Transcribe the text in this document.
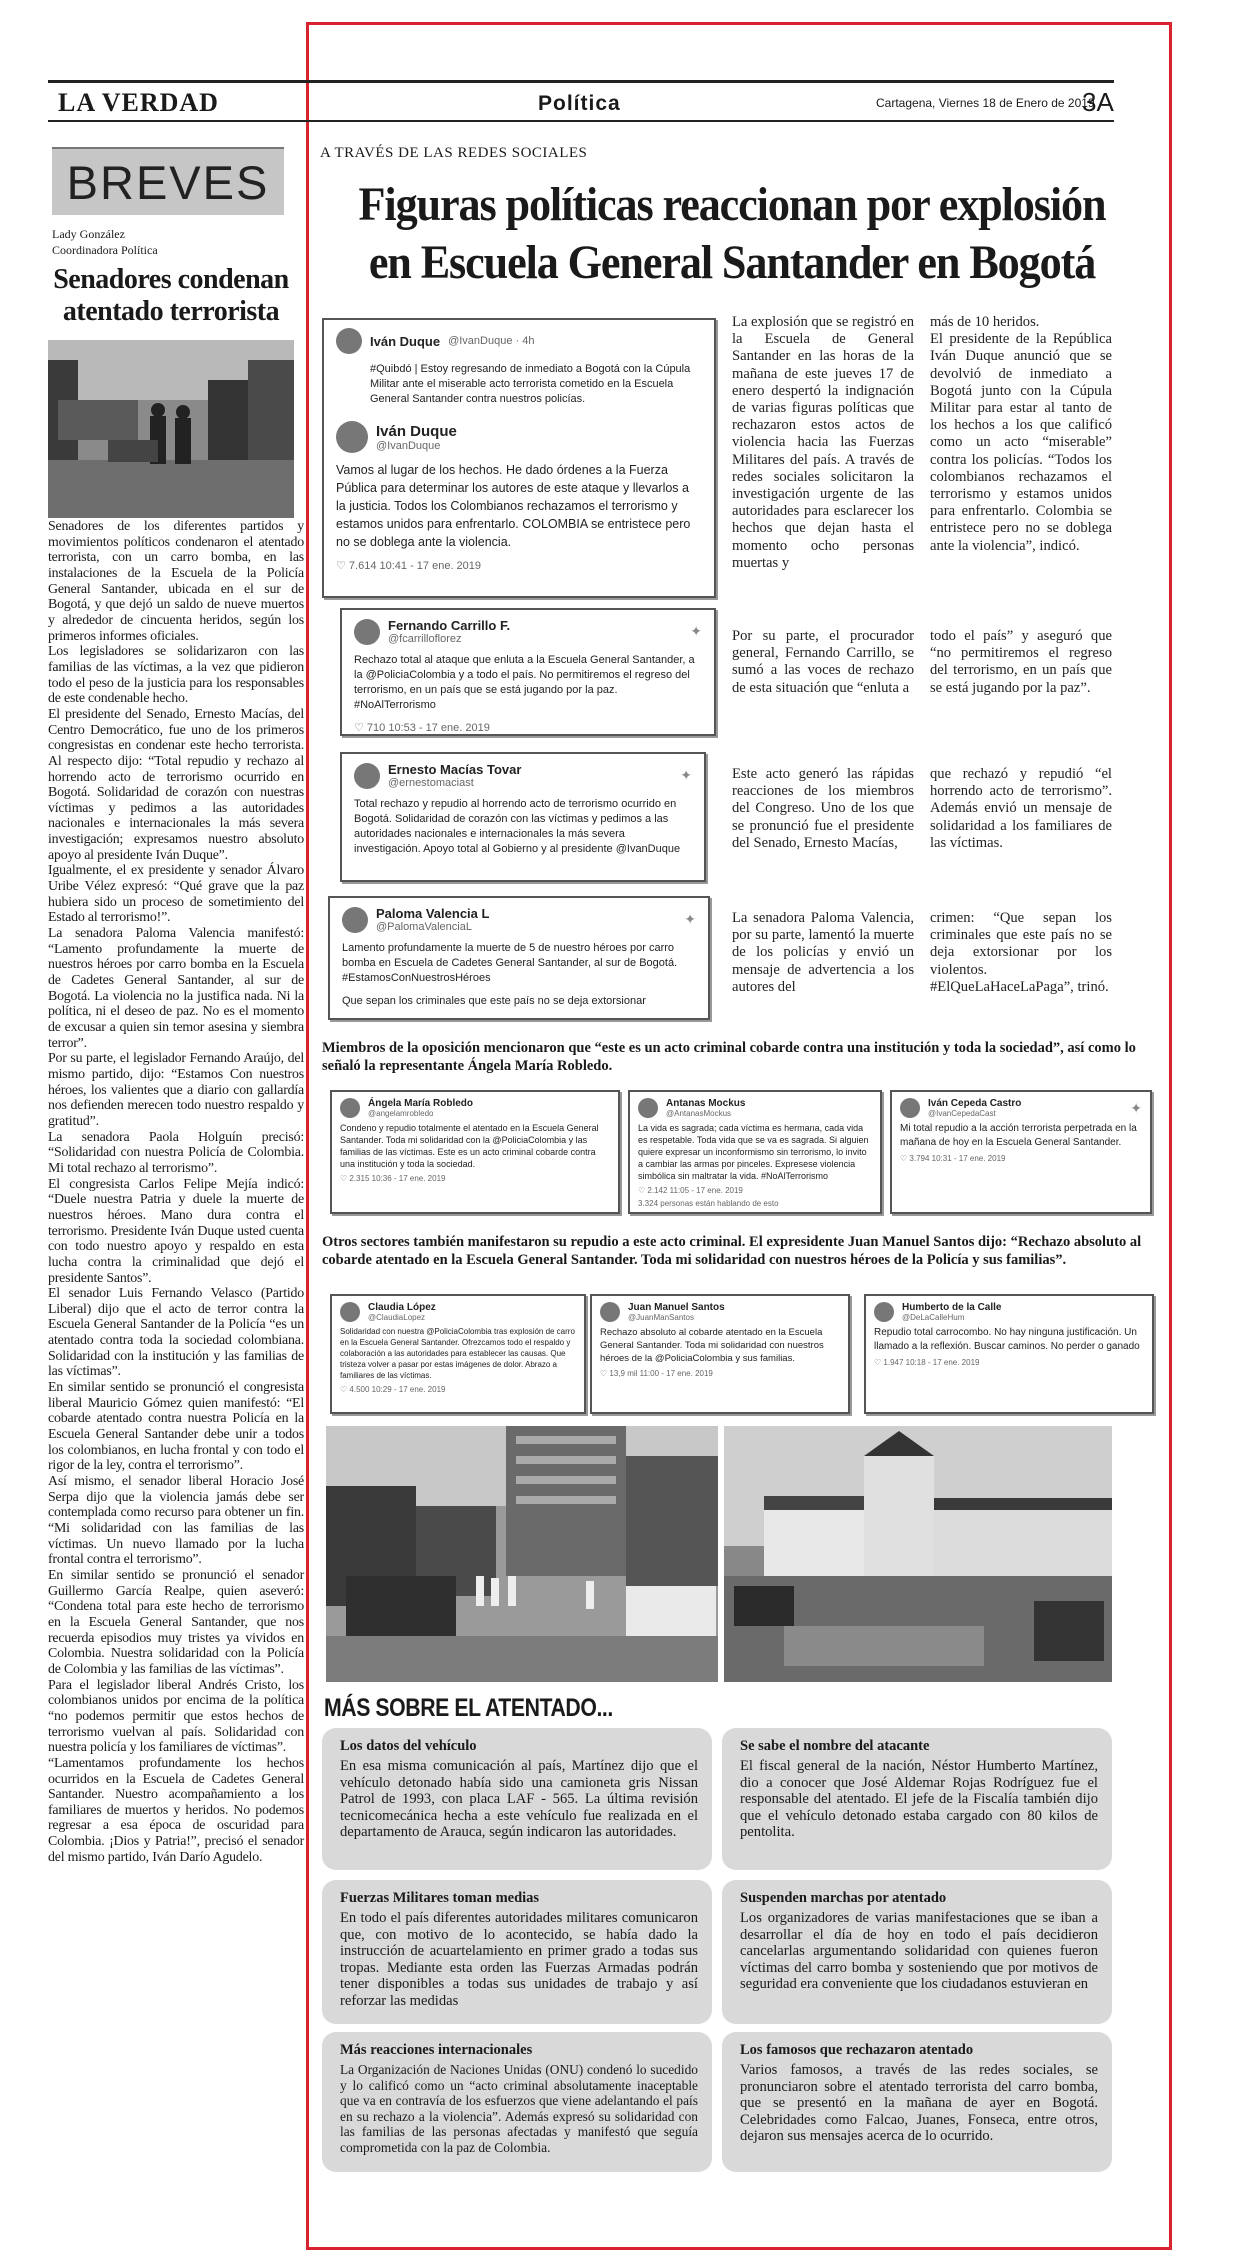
LA VERDAD	Política	Cartagena, Viernes 18 de Enero de 2019
3A
BREVES
Lady González
Coordinadora Política
Senadores condenan atentado terrorista
Senadores de los diferentes partidos y movimientos políticos condenaron el atentado terrorista, con un carro bomba, en las instalaciones de la Escuela de la Policía General Santander, ubicada en el sur de Bogotá, y que dejó un saldo de nueve muertos y alrededor de cincuenta heridos, según los primeros informes oficiales.
Los legisladores se solidarizaron con las familias de las víctimas, a la vez que pidieron todo el peso de la justicia para los responsables de este condenable hecho.
El presidente del Senado, Ernesto Macías, del Centro Democrático, fue uno de los primeros congresistas en condenar este hecho terrorista. Al respecto dijo: “Total repudio y rechazo al horrendo acto de terrorismo ocurrido en Bogotá. Solidaridad de corazón con nuestras víctimas y pedimos a las autoridades nacionales e internacionales la más severa investigación; expresamos nuestro absoluto apoyo al presidente Iván Duque”.
Igualmente, el ex presidente y senador Álvaro Uribe Vélez expresó: “Qué grave que la paz hubiera sido un proceso de sometimiento del Estado al terrorismo!”.
La senadora Paloma Valencia manifestó: “Lamento profundamente la muerte de nuestros héroes por carro bomba en la Escuela de Cadetes General Santander, al sur de Bogotá. La violencia no la justifica nada. Ni la política, ni el deseo de paz. No es el momento de excusar a quien sin temor asesina y siembra terror”.
Por su parte, el legislador Fernando Araújo, del mismo partido, dijo: “Estamos Con nuestros héroes, los valientes que a diario con gallardía nos defienden merecen todo nuestro respaldo y gratitud”.
La senadora Paola Holguín precisó: “Solidaridad con nuestra Policía de Colombia. Mi total rechazo al terrorismo”.
El congresista Carlos Felipe Mejía indicó: “Duele nuestra Patria y duele la muerte de nuestros héroes. Mano dura contra el terrorismo. Presidente Iván Duque usted cuenta con todo nuestro apoyo y respaldo en esta lucha contra la criminalidad que dejó el presidente Santos”.
El senador Luis Fernando Velasco (Partido Liberal) dijo que el acto de terror contra la Escuela General Santander de la Policía “es un atentado contra toda la sociedad colombiana. Solidaridad con la institución y las familias de las víctimas”.
En similar sentido se pronunció el congresista liberal Mauricio Gómez quien manifestó: “El cobarde atentado contra nuestra Policía en la Escuela General Santander debe unir a todos los colombianos, en lucha frontal y con todo el rigor de la ley, contra el terrorismo”.
Así mismo, el senador liberal Horacio José Serpa dijo que la violencia jamás debe ser contemplada como recurso para obtener un fin. “Mi solidaridad con las familias de las víctimas. Un nuevo llamado por la lucha frontal contra el terrorismo”.
En similar sentido se pronunció el senador Guillermo García Realpe, quien aseveró: “Condena total para este hecho de terrorismo en la Escuela General Santander, que nos recuerda episodios muy tristes ya vividos en Colombia. Nuestra solidaridad con la Policía de Colombia y las familias de las víctimas”.
Para el legislador liberal Andrés Cristo, los colombianos unidos por encima de la política “no podemos permitir que estos hechos de terrorismo vuelvan al país. Solidaridad con nuestra policía y los familiares de víctimas”.
“Lamentamos profundamente los hechos ocurridos en la Escuela de Cadetes General Santander. Nuestro acompañamiento a los familiares de muertos y heridos. No podemos regresar a esa época de oscuridad para Colombia. ¡Dios y Patria!”, precisó el senador del mismo partido, Iván Darío Agudelo.
A TRAVÉS DE LAS REDES SOCIALES
Figuras políticas reaccionan por explosión en Escuela General Santander en Bogotá
Iván Duque @IvanDuque · 4h
#Quibdó | Estoy regresando de inmediato a Bogotá con la Cúpula Militar ante el miserable acto terrorista cometido en la Escuela General Santander contra nuestros policías.
Iván Duque
@IvanDuque
Vamos al lugar de los hechos. He dado órdenes a la Fuerza Pública para determinar los autores de este ataque y llevarlos a la justicia. Todos los Colombianos rechazamos el terrorismo y estamos unidos para enfrentarlo. COLOMBIA se entristece pero no se doblega ante la violencia.
♡ 7.614 10:41 - 17 ene. 2019
Fernando Carrillo F.
@fcarrilloflorez	✦
Rechazo total al ataque que enluta a la Escuela General Santander, a la @PoliciaColombia y a todo el país. No permitiremos el regreso del terrorismo, en un país que se está jugando por la paz. #NoAlTerrorismo
♡ 710 10:53 - 17 ene. 2019
Ernesto Macías Tovar
@ernestomaciast	✦
Total rechazo y repudio al horrendo acto de terrorismo ocurrido en Bogotá. Solidaridad de corazón con las víctimas y pedimos a las autoridades nacionales e internacionales la más severa investigación. Apoyo total al Gobierno y al presidente @IvanDuque
Paloma Valencia L
@PalomaValenciaL	✦
Lamento profundamente la muerte de 5 de nuestro héroes por carro bomba en Escuela de Cadetes General Santander, al sur de Bogotá. #EstamosConNuestrosHéroes
Que sepan los criminales que este país no se deja extorsionar
La explosión que se registró en la Escuela de General Santander en las horas de la mañana de este jueves 17 de enero despertó la indignación de varias figuras políticas que rechazaron estos actos de violencia hacia las Fuerzas Militares del país. A través de redes sociales solicitaron la investigación urgente de las autoridades para esclarecer los hechos que dejan hasta el momento ocho personas muertas y
más de 10 heridos.
El presidente de la República Iván Duque anunció que se devolvió de inmediato a Bogotá junto con la Cúpula Militar para estar al tanto de los hechos a los que calificó como un acto “miserable” contra los policías. “Todos los colombianos rechazamos el terrorismo y estamos unidos para enfrentarlo. Colombia se entristece pero no se doblega ante la violencia”, indicó.
Por su parte, el procurador general, Fernando Carrillo, se sumó a las voces de rechazo de esta situación que “enluta a
todo el país” y aseguró que “no permitiremos el regreso del terrorismo, en un país que se está jugando por la paz”.
Este acto generó las rápidas reacciones de los miembros del Congreso. Uno de los que se pronunció fue el presidente del Senado, Ernesto Macías,
que rechazó y repudió “el horrendo acto de terrorismo”. Además envió un mensaje de solidaridad a los familiares de las víctimas.
La senadora Paloma Valencia, por su parte, lamentó la muerte de los policías y envió un mensaje de advertencia a los autores del
crimen: “Que sepan los criminales que este país no se deja extorsionar por los violentos. #ElQueLaHaceLaPaga”, trinó.
Miembros de la oposición mencionaron que “este es un acto criminal cobarde contra una institución y toda la sociedad”, así como lo señaló la representante Ángela María Robledo.
Ángela María Robledo
@angelamrobledo
Condeno y repudio totalmente el atentado en la Escuela General Santander. Toda mi solidaridad con la @PoliciaColombia y las familias de las víctimas. Este es un acto criminal cobarde contra una institución y toda la sociedad.
♡ 2.315 10:36 - 17 ene. 2019
Antanas Mockus
@AntanasMockus
La vida es sagrada; cada víctima es hermana, cada vida es respetable. Toda vida que se va es sagrada. Si alguien quiere expresar un inconformismo sin terrorismo, lo invito a cambiar las armas por pinceles. Expresese violencia simbólica sin maltratar la vida. #NoAlTerrorismo
♡ 2.142 11:05 - 17 ene. 2019
3.324 personas están hablando de esto
Iván Cepeda Castro
@IvanCepedaCast	✦
Mi total repudio a la acción terrorista perpetrada en la mañana de hoy en la Escuela General Santander.
♡ 3.794 10:31 - 17 ene. 2019
Otros sectores también manifestaron su repudio a este acto criminal. El expresidente Juan Manuel Santos dijo: “Rechazo absoluto al cobarde atentado en la Escuela General Santander. Toda mi solidaridad con nuestros héroes de la Policía y sus familias”.
Claudia López
@ClaudiaLopez
Solidaridad con nuestra @PoliciaColombia tras explosión de carro en la Escuela General Santander. Ofrezcamos todo el respaldo y colaboración a las autoridades para establecer las causas. Que tristeza volver a pasar por estas imágenes de dolor. Abrazo a familiares de las víctimas.
♡ 4.500 10:29 - 17 ene. 2019
Juan Manuel Santos
@JuanManSantos
Rechazo absoluto al cobarde atentado en la Escuela General Santander. Toda mi solidaridad con nuestros héroes de la @PoliciaColombia y sus familias.
♡ 13,9 mil 11:00 - 17 ene. 2019
Humberto de la Calle
@DeLaCalleHum
Repudio total carrocombo. No hay ninguna justificación. Un llamado a la reflexión. Buscar caminos. No perder o ganado
♡ 1.947 10:18 - 17 ene. 2019
MÁS SOBRE EL ATENTADO...
Los datos del vehículo
En esa misma comunicación al país, Martínez dijo que el vehículo detonado había sido una camioneta gris Nissan Patrol de 1993, con placa LAF - 565. La última revisión tecnicomecánica hecha a este vehículo fue realizada en el departamento de Arauca, según indicaron las autoridades.
Se sabe el nombre del atacante
El fiscal general de la nación, Néstor Humberto Martínez, dio a conocer que José Aldemar Rojas Rodríguez fue el responsable del atentado. El jefe de la Fiscalía también dijo que el vehículo detonado estaba cargado con 80 kilos de pentolita.
Fuerzas Militares toman medias
En todo el país diferentes autoridades militares comunicaron que, con motivo de lo acontecido, se había dado la instrucción de acuartelamiento en primer grado a todas sus tropas. Mediante esta orden las Fuerzas Armadas podrán tener disponibles a todas sus unidades de trabajo y así reforzar las medidas
Suspenden marchas por atentado
Los organizadores de varias manifestaciones que se iban a desarrollar el día de hoy en todo el país decidieron cancelarlas argumentando solidaridad con quienes fueron víctimas del carro bomba y sosteniendo que por motivos de seguridad era conveniente que los ciudadanos estuvieran en
Más reacciones internacionales
La Organización de Naciones Unidas (ONU) condenó lo sucedido y lo calificó como un “acto criminal absolutamente inaceptable que va en contravía de los esfuerzos que viene adelantando el país en su rechazo a la violencia”. Además expresó su solidaridad con las familias de las personas afectadas y manifestó que seguía comprometida con la paz de Colombia.
Los famosos que rechazaron atentado
Varios famosos, a través de las redes sociales, se pronunciaron sobre el atentado terrorista del carro bomba, que se presentó en la mañana de ayer en Bogotá. Celebridades como Falcao, Juanes, Fonseca, entre otros, dejaron sus mensajes acerca de lo ocurrido.
